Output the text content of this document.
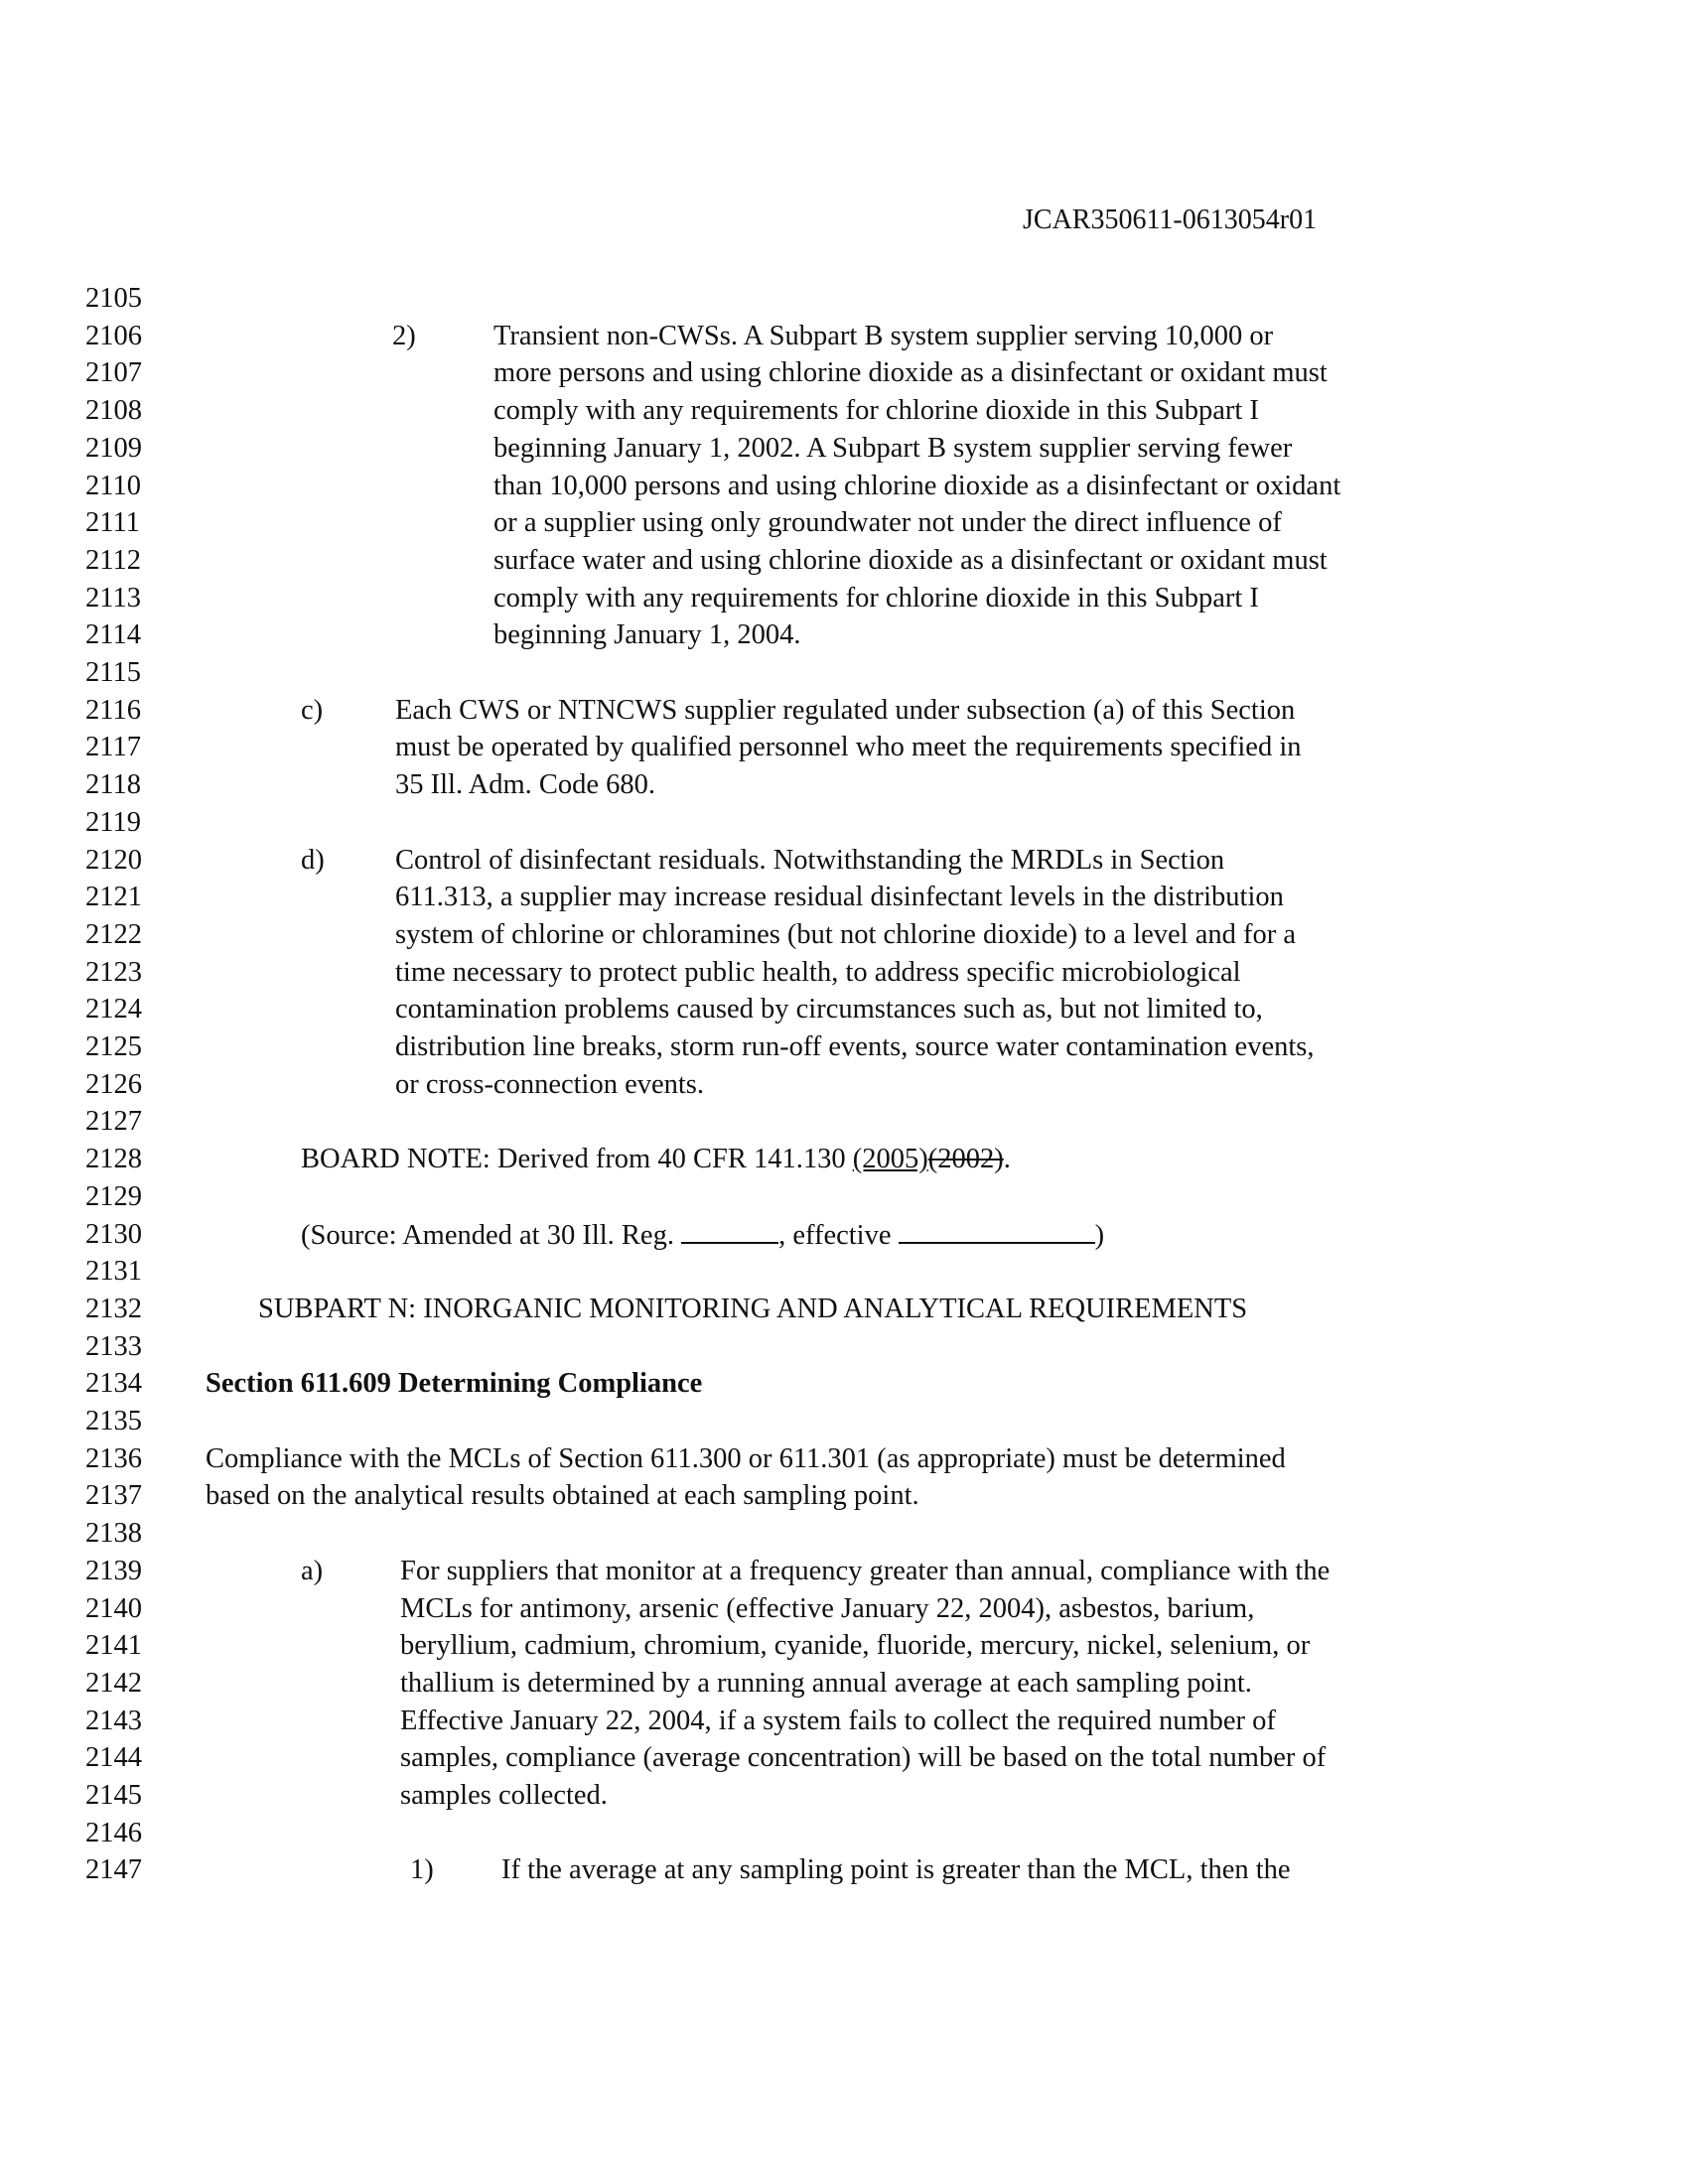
JCAR350611-0613054r01
2105
2106	2)	Transient non-CWSs. A Subpart B system supplier serving 10,000 or
2107	more persons and using chlorine dioxide as a disinfectant or oxidant must
2108	comply with any requirements for chlorine dioxide in this Subpart I
2109	beginning January 1, 2002. A Subpart B system supplier serving fewer
2110	than 10,000 persons and using chlorine dioxide as a disinfectant or oxidant
2111	or a supplier using only groundwater not under the direct influence of
2112	surface water and using chlorine dioxide as a disinfectant or oxidant must
2113	comply with any requirements for chlorine dioxide in this Subpart I
2114	beginning January 1, 2004.
2115
2116	c)	Each CWS or NTNCWS supplier regulated under subsection (a) of this Section
2117	must be operated by qualified personnel who meet the requirements specified in
2118	35 Ill. Adm. Code 680.
2119
2120	d)	Control of disinfectant residuals. Notwithstanding the MRDLs in Section
2121	611.313, a supplier may increase residual disinfectant levels in the distribution
2122	system of chlorine or chloramines (but not chlorine dioxide) to a level and for a
2123	time necessary to protect public health, to address specific microbiological
2124	contamination problems caused by circumstances such as, but not limited to,
2125	distribution line breaks, storm run-off events, source water contamination events,
2126	or cross-connection events.
2127
2128	BOARD NOTE: Derived from 40 CFR 141.130 (2005)(2002).
2129
2130	(Source: Amended at 30 Ill. Reg.	, effective	)
2131
2132	SUBPART N: INORGANIC MONITORING AND ANALYTICAL REQUIREMENTS
2133
2134	Section 611.609 Determining Compliance
2135
2136	Compliance with the MCLs of Section 611.300 or 611.301 (as appropriate) must be determined
2137	based on the analytical results obtained at each sampling point.
2138
2139	a)	For suppliers that monitor at a frequency greater than annual, compliance with the
2140	MCLs for antimony, arsenic (effective January 22, 2004), asbestos, barium,
2141	beryllium, cadmium, chromium, cyanide, fluoride, mercury, nickel, selenium, or
2142	thallium is determined by a running annual average at each sampling point.
2143	Effective January 22, 2004, if a system fails to collect the required number of
2144	samples, compliance (average concentration) will be based on the total number of
2145	samples collected.
2146
2147	1) If the average at any sampling point is greater than the MCL, then the
